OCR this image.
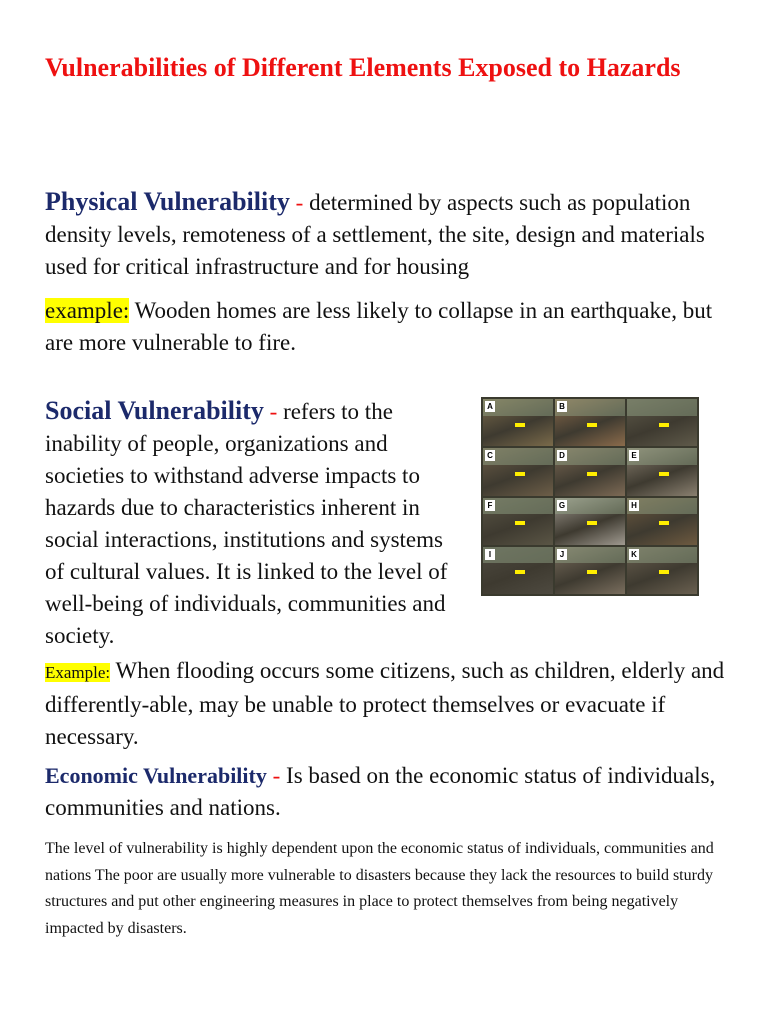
Vulnerabilities of Different Elements Exposed to Hazards

Physical Vulnerability - determined by aspects such as population density levels, remoteness of a settlement, the site, design and materials used for critical infrastructure and for housing

example: Wooden homes are less likely to collapse in an earthquake, but are more vulnerable to fire.

Social Vulnerability - refers to the inability of people, organizations and societies to withstand adverse impacts to hazards due to characteristics inherent in social interactions, institutions and systems of cultural values. It is linked to the level of well-being of individuals, communities and society.

A	B
C	D	E
F	G	H
I	J	K

Example: When flooding occurs some citizens, such as children, elderly and differently-able, may be unable to protect themselves or evacuate if necessary.

Economic Vulnerability - Is based on the economic status of individuals, communities and nations.

The level of vulnerability is highly dependent upon the economic status of individuals, communities and nations The poor are usually more vulnerable to disasters because they lack the resources to build sturdy structures and put other engineering measures in place to protect themselves from being negatively impacted by disasters.
